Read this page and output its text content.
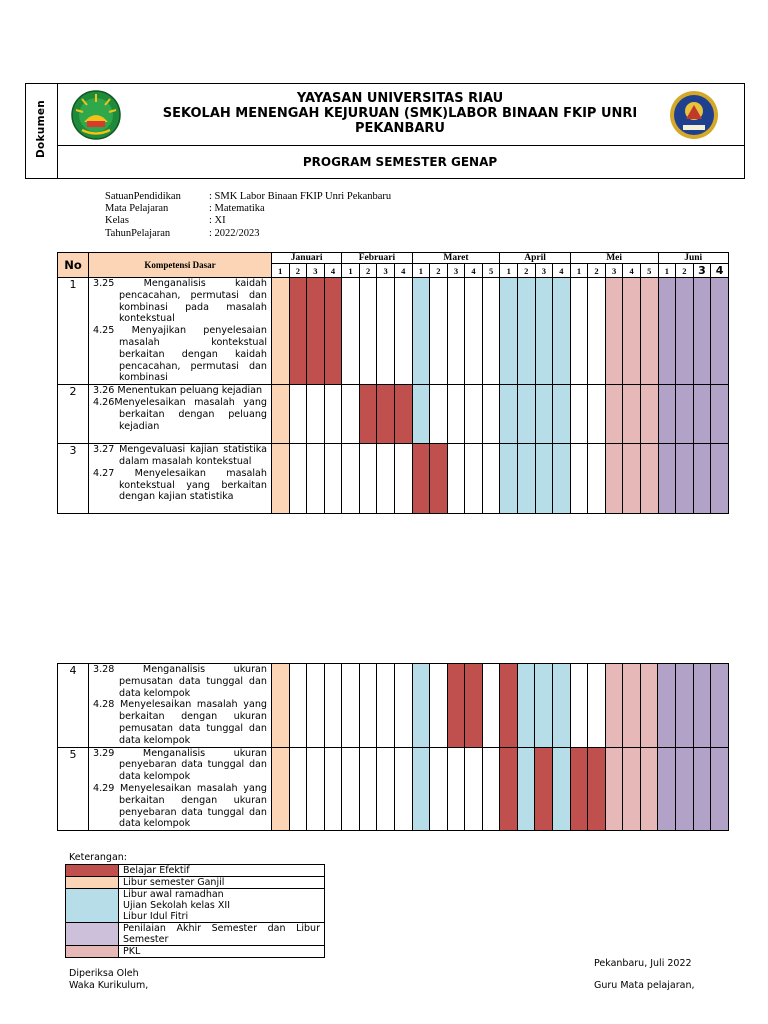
Dokumen
YAYASAN UNIVERSITAS RIAU
SEKOLAH MENENGAH KEJURUAN (SMK)LABOR BINAAN FKIP UNRI
PEKANBARU
PROGRAM SEMESTER GENAP
SatuanPendidikan	: SMK Labor Binaan FKIP Unri Pekanbaru
Mata Pelajaran	: Matematika
Kelas	: XI
TahunPelajaran	: 2022/2023
No	Kompetensi Dasar	Januari				Februari				Maret					April				Mei					Juni			
		1	2	3	4	1	2	3	4	1	2	3	4	5	1	2	3	4	1	2	3	4	5	1	2	3	4
1	3.25 Menganalisis kaidah pencacahan, permutasi dan kombinasi pada masalah kontekstual

4.25 Menyajikan penyelesaian masalah kontekstual berkaitan dengan kaidah pencacahan, permutasi dan kombinasi																										

2	3.26 Menentukan peluang kejadian

4.26Menyelesaikan masalah yang berkaitan dengan peluang kejadian																										

3	3.27 Mengevaluasi kajian statistika dalam masalah kontekstual

4.27 Menyelesaikan masalah kontekstual yang berkaitan dengan kajian statistika																										

4	3.28 Menganalisis ukuran pemusatan data tunggal dan data kelompok

4.28 Menyelesaikan masalah yang berkaitan dengan ukuran pemusatan data tunggal dan data kelompok																										

5	3.29 Menganalisis ukuran penyebaran data tunggal dan data kelompok

4.29 Menyelesaikan masalah yang berkaitan dengan ukuran penyebaran data tunggal dan data kelompok																										

Keterangan:

	Belajar Efektif

	Libur semester Ganjil

	Libur awal ramadhan
Ujian Sekolah kelas XII
Libur Idul Fitri

	Penilaian Akhir Semester dan Libur Semester

	PKL
Diperiksa Oleh
Waka Kurikulum,
Pekanbaru, Juli 2022
Guru Mata pelajaran,
